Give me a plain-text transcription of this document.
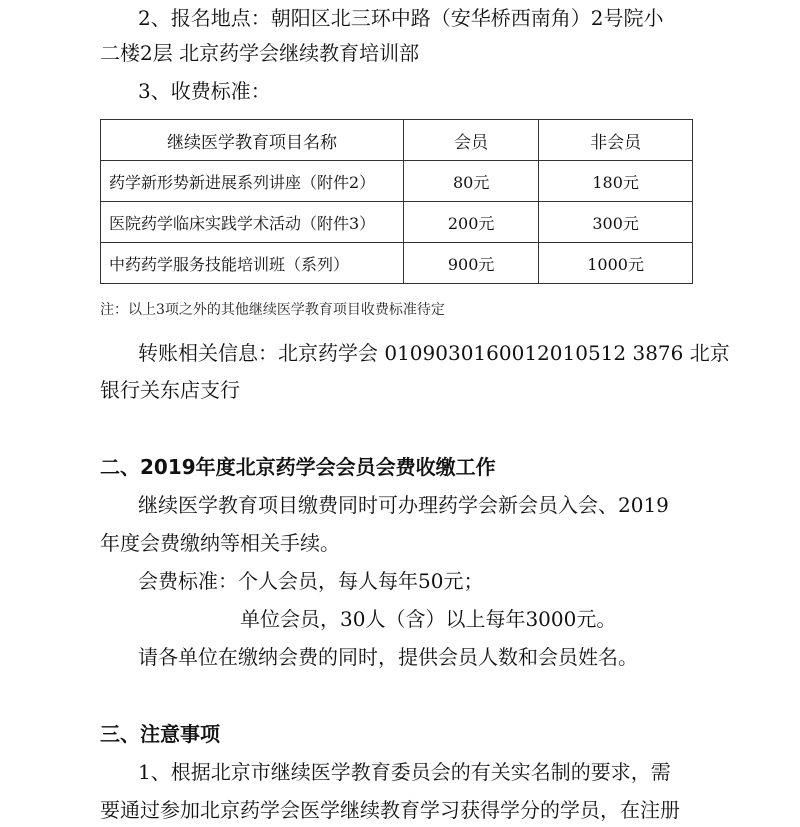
2、报名地点：朝阳区北三环中路（安华桥西南角）2号院小
二楼2层 北京药学会继续教育培训部
3、收费标准：
继续医学教育项目名称	会员	非会员
药学新形势新进展系列讲座（附件2）	80元	180元
医院药学临床实践学术活动（附件3）	200元	300元
中药药学服务技能培训班（系列）	900元	1000元
注：以上3项之外的其他继续医学教育项目收费标准待定
转账相关信息：北京药学会 0109030160012010512 3876 北京
银行关东店支行
二、2019年度北京药学会会员会费收缴工作
继续医学教育项目缴费同时可办理药学会新会员入会、2019
年度会费缴纳等相关手续。
会费标准：个人会员，每人每年50元；
单位会员，30人（含）以上每年3000元。
请各单位在缴纳会费的同时，提供会员人数和会员姓名。
三、注意事项
1、根据北京市继续医学教育委员会的有关实名制的要求，需
要通过参加北京药学会医学继续教育学习获得学分的学员，在注册
